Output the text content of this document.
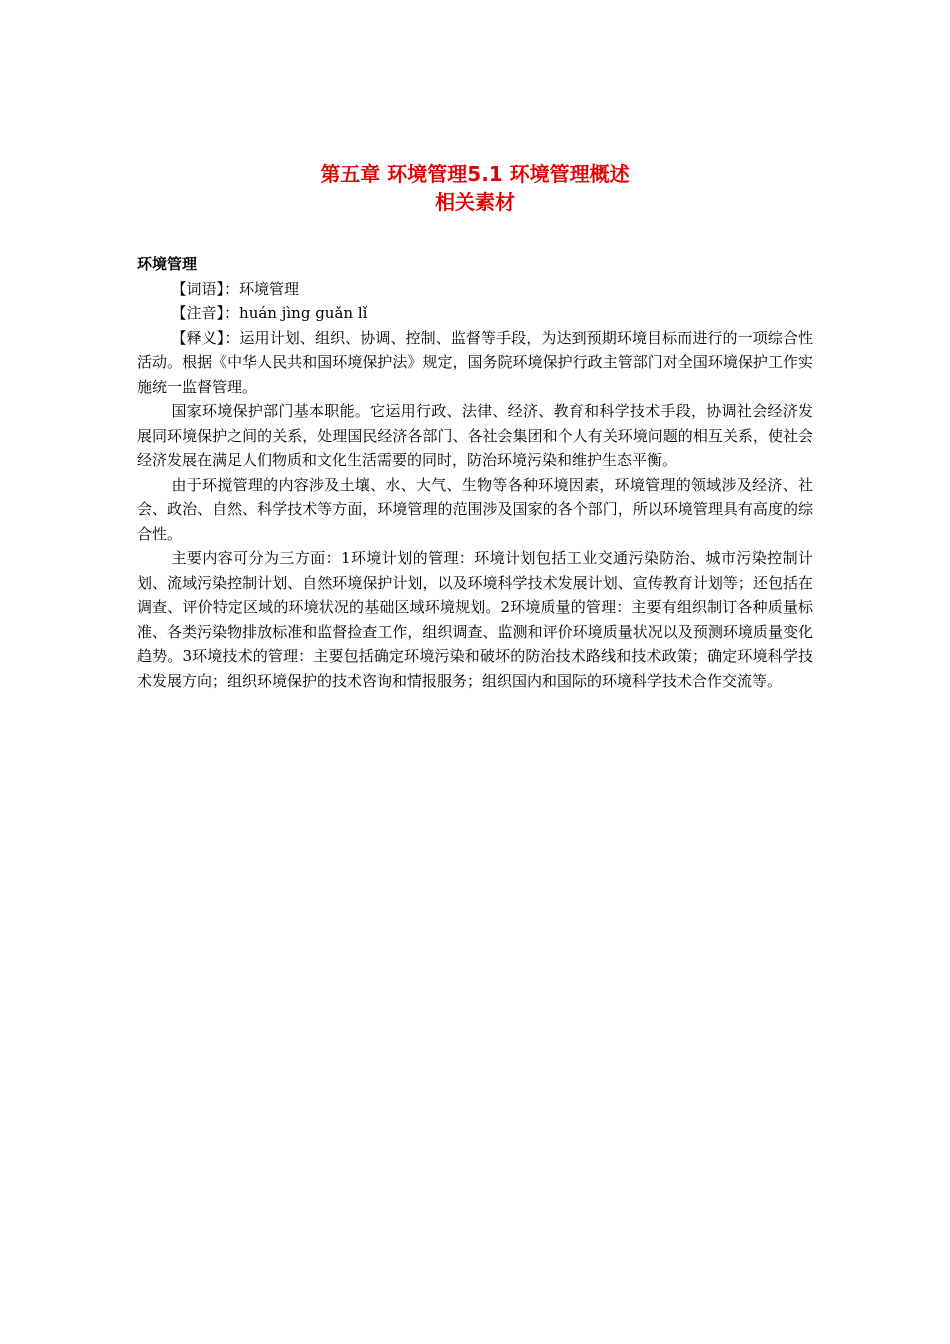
第五章 环境管理5.1 环境管理概述
相关素材

环境管理

【词语】：环境管理

【注音】：huán jìng guǎn lǐ

【释义】：运用计划、组织、协调、控制、监督等手段，为达到预期环境目标而进行的一项综合性活动。根据《中华人民共和国环境保护法》规定，国务院环境保护行政主管部门对全国环境保护工作实施统一监督管理。

国家环境保护部门基本职能。它运用行政、法律、经济、教育和科学技术手段，协调社会经济发展同环境保护之间的关系，处理国民经济各部门、各社会集团和个人有关环境问题的相互关系，使社会经济发展在满足人们物质和文化生活需要的同时，防治环境污染和维护生态平衡。

由于环搅管理的内容涉及土壤、水、大气、生物等各种环境因素，环境管理的领域涉及经济、社会、政治、自然、科学技术等方面，环境管理的范围涉及国家的各个部门，所以环境管理具有高度的综合性。

主要内容可分为三方面：1环境计划的管理：环境计划包括工业交通污染防治、城市污染控制计划、流域污染控制计划、自然环境保护计划，以及环境科学技术发展计划、宣传教育计划等；还包括在调查、评价特定区域的环境状况的基础区域环境规划。2环境质量的管理：主要有组织制订各种质量标准、各类污染物排放标准和监督捡查工作，组织调查、监测和评价环境质量状况以及预测环境质量变化趋势。3环境技术的管理：主要包括确定环境污染和破坏的防治技术路线和技术政策；确定环境科学技术发展方向；组织环境保护的技术咨询和情报服务；组织国内和国际的环境科学技术合作交流等。
